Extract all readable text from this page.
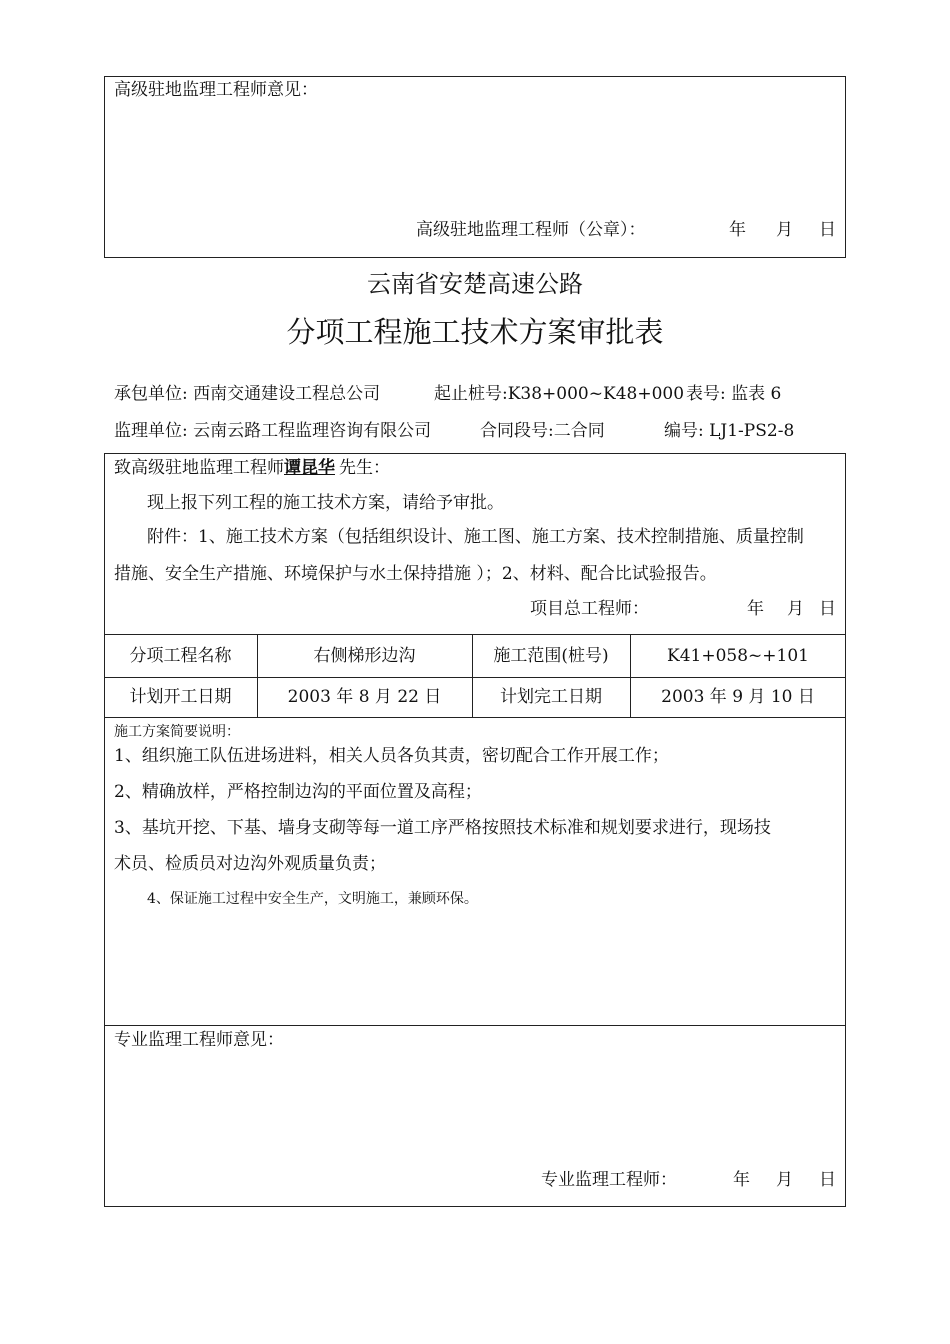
高级驻地监理工程师意见：
高级驻地监理工程师（公章）：	年 月 日
云南省安楚高速公路
分项工程施工技术方案审批表
承包单位: 西南交通建设工程总公司	起止桩号:K38+000~K48+000 表号: 监表 6
监理单位: 云南云路工程监理咨询有限公司	合同段号:二合同	编号: LJ1-PS2-8
致高级驻地监理工程师谭昆华 先生：
现上报下列工程的施工技术方案，请给予审批。
附件：1、施工技术方案（包括组织设计、施工图、施工方案、技术控制措施、质量控制
措施、安全生产措施、环境保护与水土保持措施 ）；2、材料、配合比试验报告。
项目总工程师：	年 月 日
分项工程名称	右侧梯形边沟	施工范围(桩号)	K41+058~+101
计划开工日期	2003 年 8 月 22 日	计划完工日期	2003 年 9 月 10 日
施工方案简要说明：
1、组织施工队伍进场进料，相关人员各负其责，密切配合工作开展工作；
2、精确放样，严格控制边沟的平面位置及高程；
3、基坑开挖、下基、墙身支砌等每一道工序严格按照技术标准和规划要求进行，现场技
术员、检质员对边沟外观质量负责；
4、保证施工过程中安全生产，文明施工，兼顾环保。
专业监理工程师意见：
专业监理工程师：	年 月 日
